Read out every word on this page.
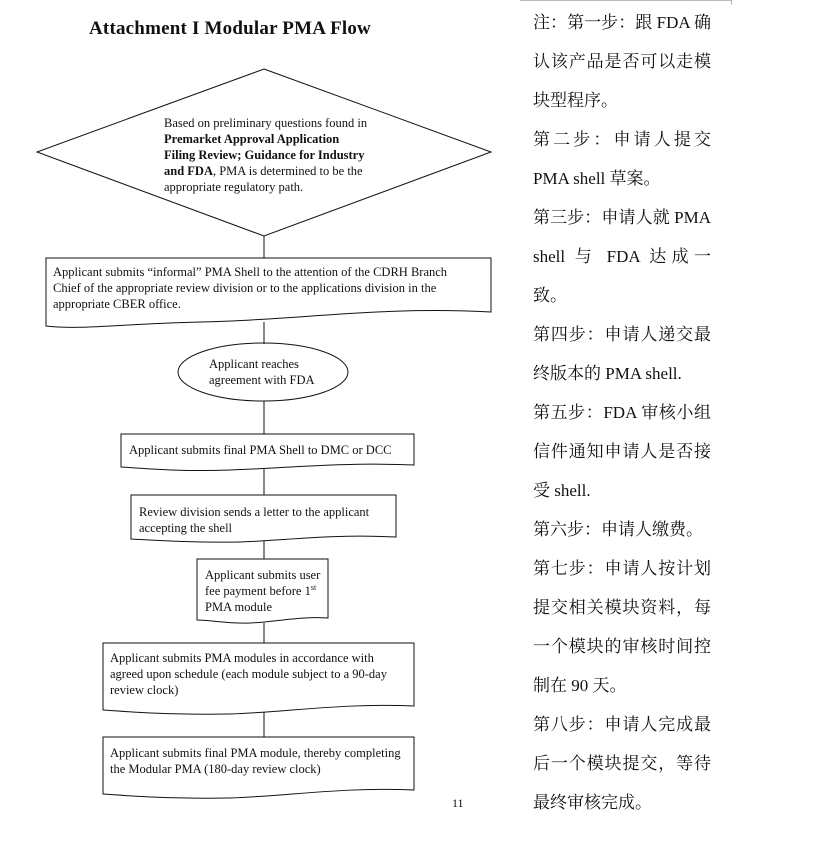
Attachment I Modular PMA Flow
Based on preliminary questions found in
Premarket Approval Application
Filing Review; Guidance for Industry
and FDA, PMA is determined to be the
appropriate regulatory path.
Applicant submits “informal” PMA Shell to the attention of the CDRH Branch
Chief of the appropriate review division or to the applications division in the
appropriate CBER office.
Applicant reaches
agreement with FDA
Applicant submits final PMA Shell to DMC or DCC
Review division sends a letter to the applicant
accepting the shell
Applicant submits user
fee payment before 1st
PMA module
Applicant submits PMA modules in accordance with
agreed upon schedule (each module subject to a 90-day
review clock)
Applicant submits final PMA module, thereby completing
the Modular PMA (180-day review clock)
11

注：第一步：跟 FDA 确认该产品是否可以走模块型程序。

第二步：申请人提交 PMA shell 草案。

第三步：申请人就 PMA shell 与 FDA 达成一致。

第四步：申请人递交最终版本的 PMA shell.

第五步：FDA 审核小组信件通知申请人是否接受 shell.

第六步：申请人缴费。

第七步：申请人按计划提交相关模块资料，每一个模块的审核时间控制在 90 天。

第八步：申请人完成最后一个模块提交，等待最终审核完成。
